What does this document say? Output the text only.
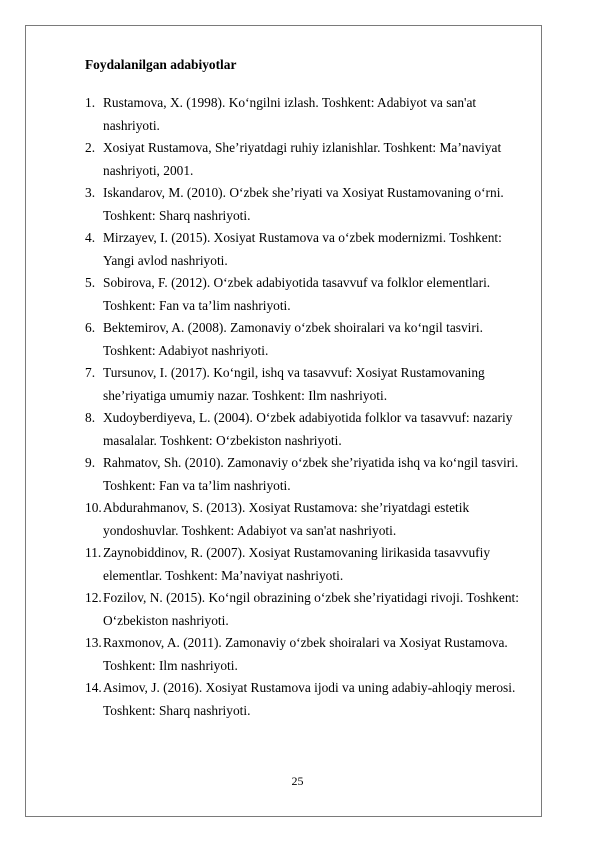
Foydalanilgan adabiyotlar
1. Rustamova, X. (1998). Ko‘ngilni izlash. Toshkent: Adabiyot va san'at
nashriyoti.
2. Xosiyat Rustamova, She’riyatdagi ruhiy izlanishlar. Toshkent: Ma’naviyat
nashriyoti, 2001.
3. Iskandarov, M. (2010). O‘zbek she’riyati va Xosiyat Rustamovaning o‘rni.
Toshkent: Sharq nashriyoti.
4. Mirzayev, I. (2015). Xosiyat Rustamova va o‘zbek modernizmi. Toshkent:
Yangi avlod nashriyoti.
5. Sobirova, F. (2012). O‘zbek adabiyotida tasavvuf va folklor elementlari.
Toshkent: Fan va ta’lim nashriyoti.
6. Bektemirov, A. (2008). Zamonaviy o‘zbek shoiralari va ko‘ngil tasviri.
Toshkent: Adabiyot nashriyoti.
7. Tursunov, I. (2017). Ko‘ngil, ishq va tasavvuf: Xosiyat Rustamovaning
she’riyatiga umumiy nazar. Toshkent: Ilm nashriyoti.
8. Xudoyberdiyeva, L. (2004). O‘zbek adabiyotida folklor va tasavvuf: nazariy
masalalar. Toshkent: O‘zbekiston nashriyoti.
9. Rahmatov, Sh. (2010). Zamonaviy o‘zbek she’riyatida ishq va ko‘ngil tasviri.
Toshkent: Fan va ta’lim nashriyoti.
10. Abdurahmanov, S. (2013). Xosiyat Rustamova: she’riyatdagi estetik
yondoshuvlar. Toshkent: Adabiyot va san'at nashriyoti.
11. Zaynobiddinov, R. (2007). Xosiyat Rustamovaning lirikasida tasavvufiy
elementlar. Toshkent: Ma’naviyat nashriyoti.
12. Fozilov, N. (2015). Ko‘ngil obrazining o‘zbek she’riyatidagi rivoji. Toshkent:
O‘zbekiston nashriyoti.
13. Raxmonov, A. (2011). Zamonaviy o‘zbek shoiralari va Xosiyat Rustamova.
Toshkent: Ilm nashriyoti.
14. Asimov, J. (2016). Xosiyat Rustamova ijodi va uning adabiy-ahloqiy merosi.
Toshkent: Sharq nashriyoti.
25
